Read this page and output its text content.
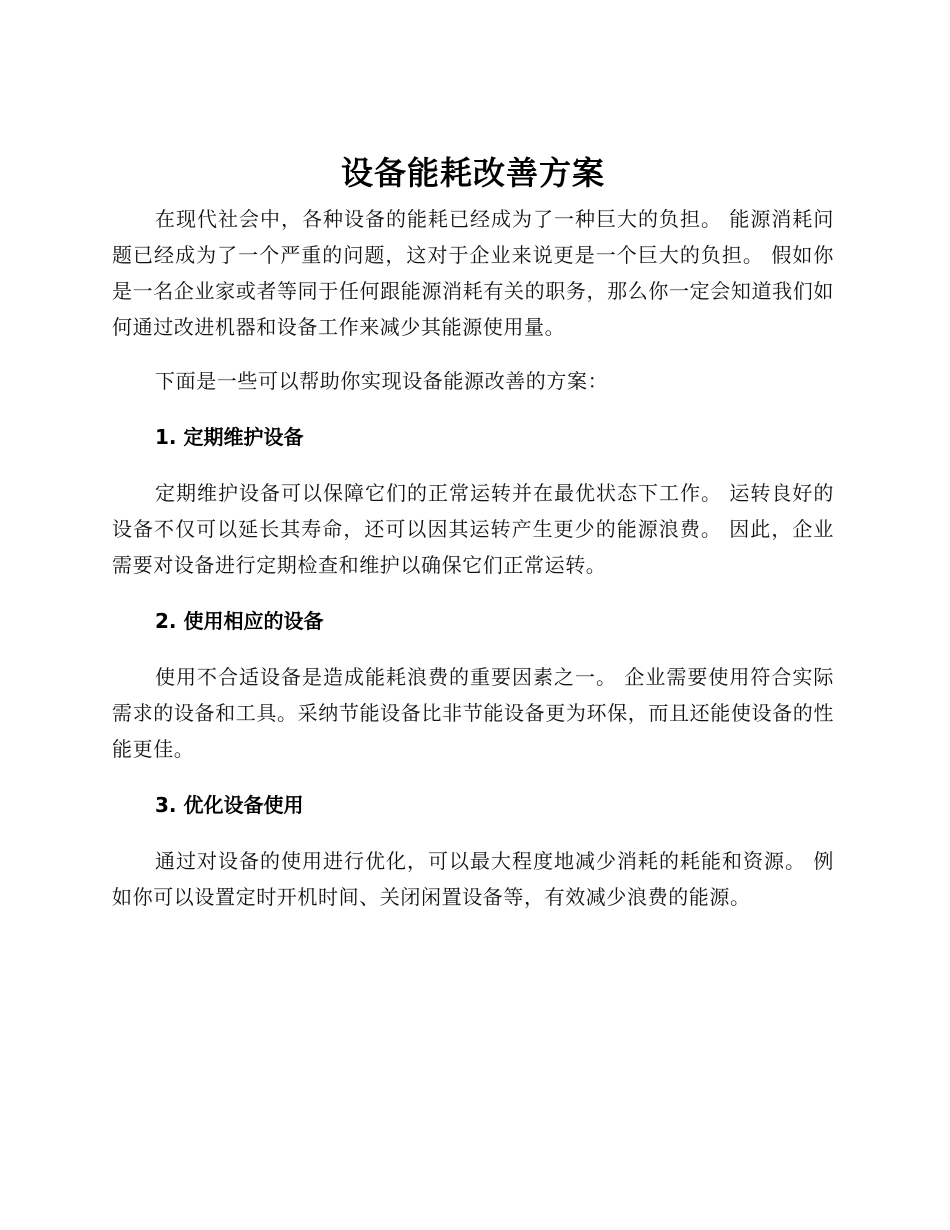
设备能耗改善方案

在现代社会中，各种设备的能耗已经成为了一种巨大的负担。 能源消耗问题已经成为了一个严重的问题，这对于企业来说更是一个巨大的负担。 假如你是一名企业家或者等同于任何跟能源消耗有关的职务，那么你一定会知道我们如何通过改进机器和设备工作来减少其能源使用量。

下面是一些可以帮助你实现设备能源改善的方案：

1. 定期维护设备

定期维护设备可以保障它们的正常运转并在最优状态下工作。 运转良好的设备不仅可以延长其寿命，还可以因其运转产生更少的能源浪费。 因此，企业需要对设备进行定期检查和维护以确保它们正常运转。

2. 使用相应的设备

使用不合适设备是造成能耗浪费的重要因素之一。 企业需要使用符合实际需求的设备和工具。采纳节能设备比非节能设备更为环保，而且还能使设备的性能更佳。

3. 优化设备使用

通过对设备的使用进行优化，可以最大程度地减少消耗的耗能和资源。 例如你可以设置定时开机时间、关闭闲置设备等，有效减少浪费的能源。
